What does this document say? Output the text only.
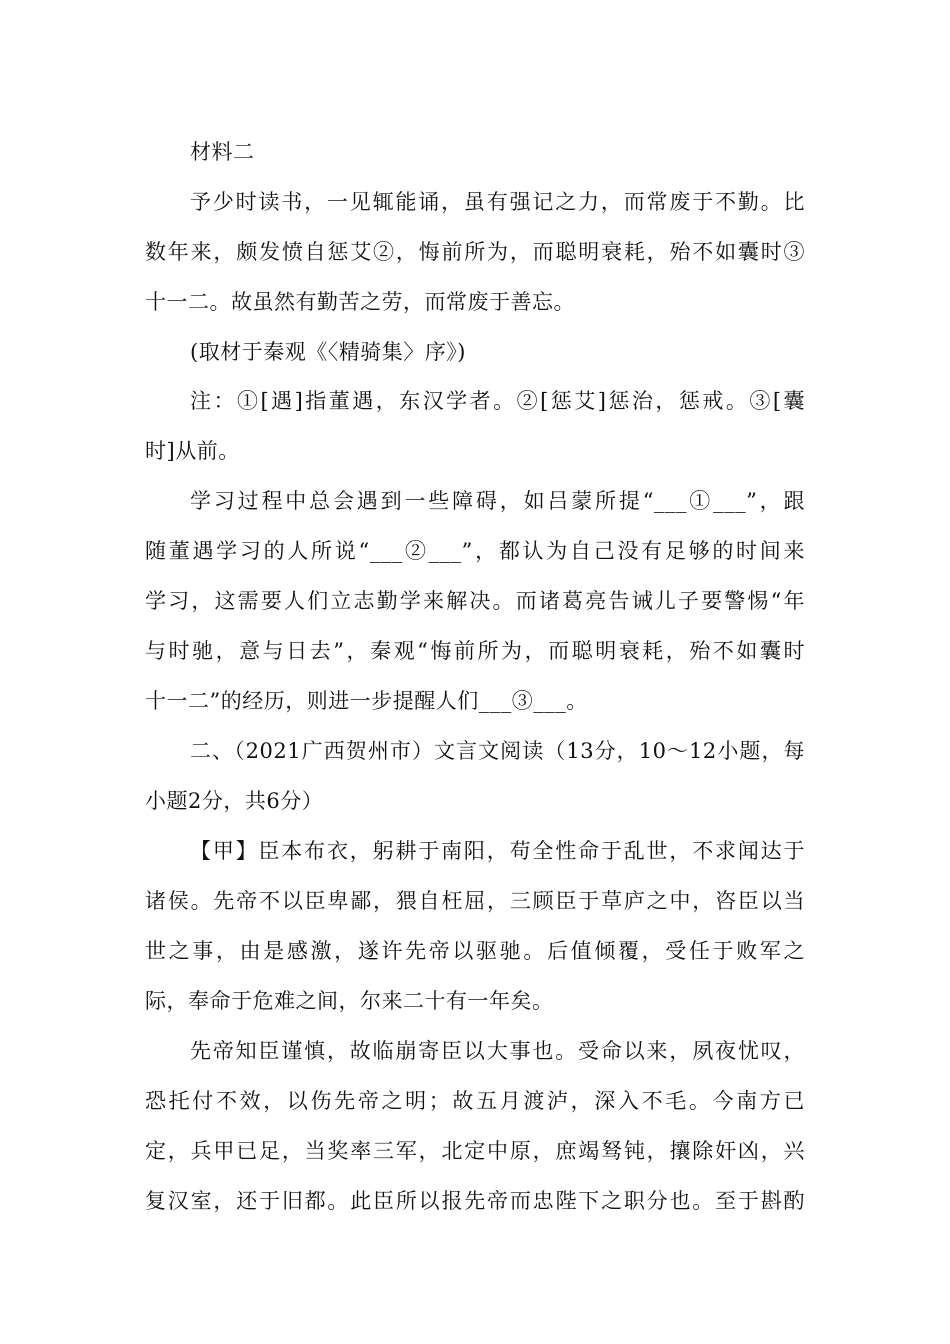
材料二
予少时读书，一见辄能诵，虽有强记之力，而常废于不勤。比
数年来，颇发愤自惩艾②，悔前所为，而聪明衰耗，殆不如囊时③
十一二。故虽然有勤苦之劳，而常废于善忘。
(取材于秦观《〈精骑集〉序》)
注：①[遇]指董遇，东汉学者。②[惩艾]惩治，惩戒。③[囊
时]从前。
学习过程中总会遇到一些障碍，如吕蒙所提“___①___”，跟
随董遇学习的人所说“___②___”，都认为自己没有足够的时间来
学习，这需要人们立志勤学来解决。而诸葛亮告诫儿子要警惕“年
与时驰，意与日去”，秦观“悔前所为，而聪明衰耗，殆不如囊时
十一二”的经历，则进一步提醒人们___③___。
二、（2021广西贺州市）文言文阅读（13分，10～12小题，每
小题2分，共6分）
【甲】臣本布衣，躬耕于南阳，苟全性命于乱世，不求闻达于
诸侯。先帝不以臣卑鄙，猥自枉屈，三顾臣于草庐之中，咨臣以当
世之事，由是感激，遂许先帝以驱驰。后值倾覆，受任于败军之
际，奉命于危难之间，尔来二十有一年矣。
先帝知臣谨慎，故临崩寄臣以大事也。受命以来，夙夜忧叹，
恐托付不效，以伤先帝之明；故五月渡泸，深入不毛。今南方已
定，兵甲已足，当奖率三军，北定中原，庶竭驽钝，攘除奸凶，兴
复汉室，还于旧都。此臣所以报先帝而忠陛下之职分也。至于斟酌
